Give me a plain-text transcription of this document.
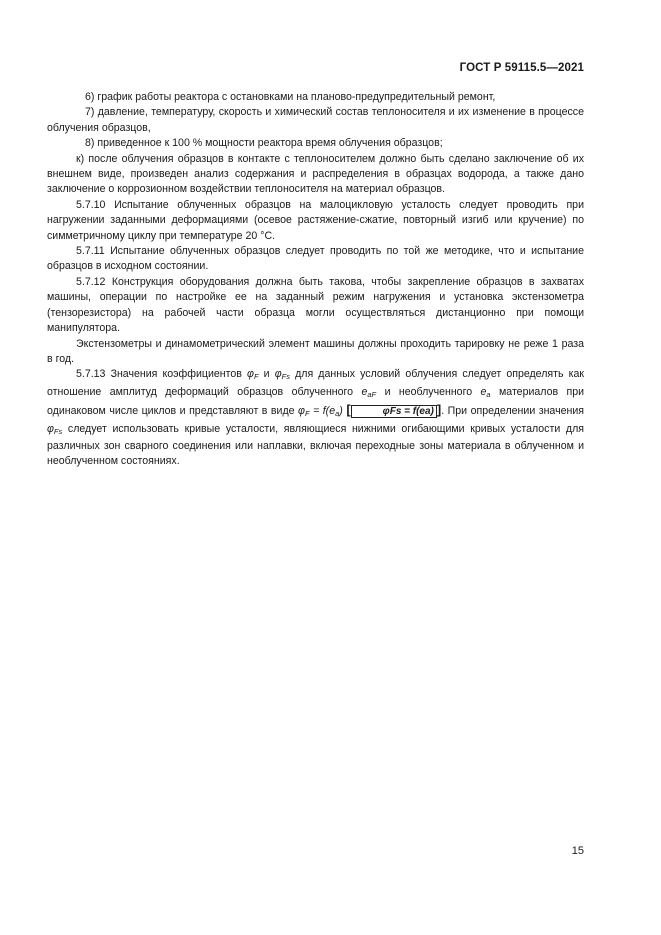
ГОСТ Р 59115.5—2021

6) график работы реактора с остановками на планово-предупредительный ремонт,

7) давление, температуру, скорость и химический состав теплоносителя и их изменение в процессе облучения образцов,

8) приведенное к 100 % мощности реактора время облучения образцов;

к) после облучения образцов в контакте с теплоносителем должно быть сделано заключение об их внешнем виде, произведен анализ содержания и распределения в образцах водорода, а также дано заключение о коррозионном воздействии теплоносителя на материал образцов.

5.7.10 Испытание облученных образцов на малоцикловую усталость следует проводить при нагружении заданными деформациями (осевое растяжение-сжатие, повторный изгиб или кручение) по симметричному циклу при температуре 20 °С.

5.7.11 Испытание облученных образцов следует проводить по той же методике, что и испытание образцов в исходном состоянии.

5.7.12 Конструкция оборудования должна быть такова, чтобы закрепление образцов в захватах машины, операции по настройке ее на заданный режим нагружения и установка экстензометра (тензорезистора) на рабочей части образца могли осуществляться дистанционно при помощи манипулятора.

Экстензометры и динамометрический элемент машины должны проходить тарировку не реже 1 раза в год.

5.7.13 Значения коэффициентов $\varphi_F$ и $\varphi_{Fs}$ для данных условий облучения следует определять как отношение амплитуд деформаций образцов облученного $e_{aF}$ и необлученного $e_a$ материалов при одинаковом числе циклов и представляют в виде $\varphi_F = f(e_a)$ [	φFs = f(ea) ]. При определении значения $\varphi_{Fs}$ следует использовать кривые усталости, являющиеся нижними огибающими кривых усталости для различных зон сварного соединения или наплавки, включая переходные зоны материала в облученном и необлученном состояниях.

15
